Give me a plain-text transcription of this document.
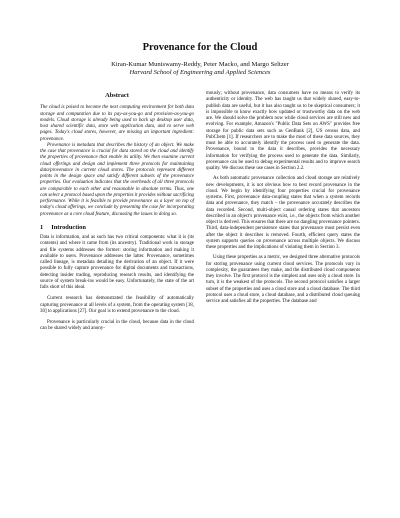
Provenance for the Cloud
Kiran-Kumar Muniswamy-Reddy, Peter Macko, and Margo Seltzer
Harvard School of Engineering and Applied Sciences
Abstract

The cloud is poised to become the next computing environment for both data storage and computation due to its pay-as-you-go and provision-as-you-go models. Cloud storage is already being used to back up desktop user data, host shared scientific data, store web application data, and to serve web pages. Today's cloud stores, however, are missing an important ingredient: provenance.

Provenance is metadata that describes the history of an object. We make the case that provenance is crucial for data stored on the cloud and identify the properties of provenance that enable its utility. We then examine current cloud offerings and design and implement three protocols for maintaining data/provenance in current cloud stores. The protocols represent different points in the design space and satisfy different subsets of the provenance properties. Our evaluation indicates that the overheads of all three protocols are comparable to each other and reasonable in absolute terms. Thus, one can select a protocol based upon the properties it provides without sacrificing performance. While it is feasible to provide provenance as a layer on top of today's cloud offerings, we conclude by presenting the case for incorporating provenance as a core cloud feature, discussing the issues in doing so.

1 Introduction

Data is information, and as such has two critical components: what it is (its contents) and where it came from (its ancestry). Traditional work in storage and file systems addresses the former: storing information and making it available to users. Provenance addresses the latter. Provenance, sometimes called lineage, is metadata detailing the derivation of an object. If it were possible to fully capture provenance for digital documents and transactions, detecting insider trading, reproducing research results, and identifying the source of system break-ins would be easy. Unfortunately, the state of the art falls short of this ideal.

Current research has demonstrated the feasibility of automatically capturing provenance at all levels of a system, from the operating system [18, 30] to applications [27]. Our goal is to extend provenance to the cloud.

Provenance is particularly crucial in the cloud, because data in the cloud can be shared widely and anony-

mously; without provenance, data consumers have no means to verify its authenticity or identity. The web has taught us that widely shared, easy-to-publish data are useful, but it has also taught us to be skeptical consumers; it is impossible to know exactly how updated or trustworthy data on the web are. We should solve the problem now while cloud services are still new and evolving. For example, Amazon's "Public Data Sets on AWS" provides free storage for public data sets such as GenBank [2], US census data, and PubChem [1]. If researchers are to make the most of these data sources, they must be able to accurately identify the process used to generate the data. Provenance, bound to the data it describes, provides the necessary information for verifying the process used to generate the data. Similarly, provenance can be used to debug experimental results and to improve search quality. We discuss these use cases in Section 2.2.

As both automatic provenance collection and cloud storage are relatively new developments, it is not obvious how to best record provenance in the cloud. We begin by identifying four properties crucial for provenance systems. First, provenance data-coupling states that when a system records data and provenance, they match – the provenance accurately describes the data recorded. Second, multi-object causal ordering states that ancestors described in an object's provenance exist, i.e., the objects from which another object is derived. This ensures that there are no dangling provenance pointers. Third, data-independent persistence states that provenance must persist even after the object it describes is removed. Fourth, efficient query states the system supports queries on provenance across multiple objects. We discuss these properties and the implications of violating them in Section 3.

Using these properties as a metric, we designed three alternative protocols for storing provenance using current cloud services. The protocols vary in complexity, the guarantees they make, and the distributed cloud components they involve. The first protocol is the simplest and uses only a cloud store. In turn, it is the weakest of the protocols. The second protocol satisfies a larger subset of the properties and uses a cloud store and a cloud database. The third protocol uses a cloud store, a cloud database, and a distributed cloud queuing service and satisfies all the properties. The database and
